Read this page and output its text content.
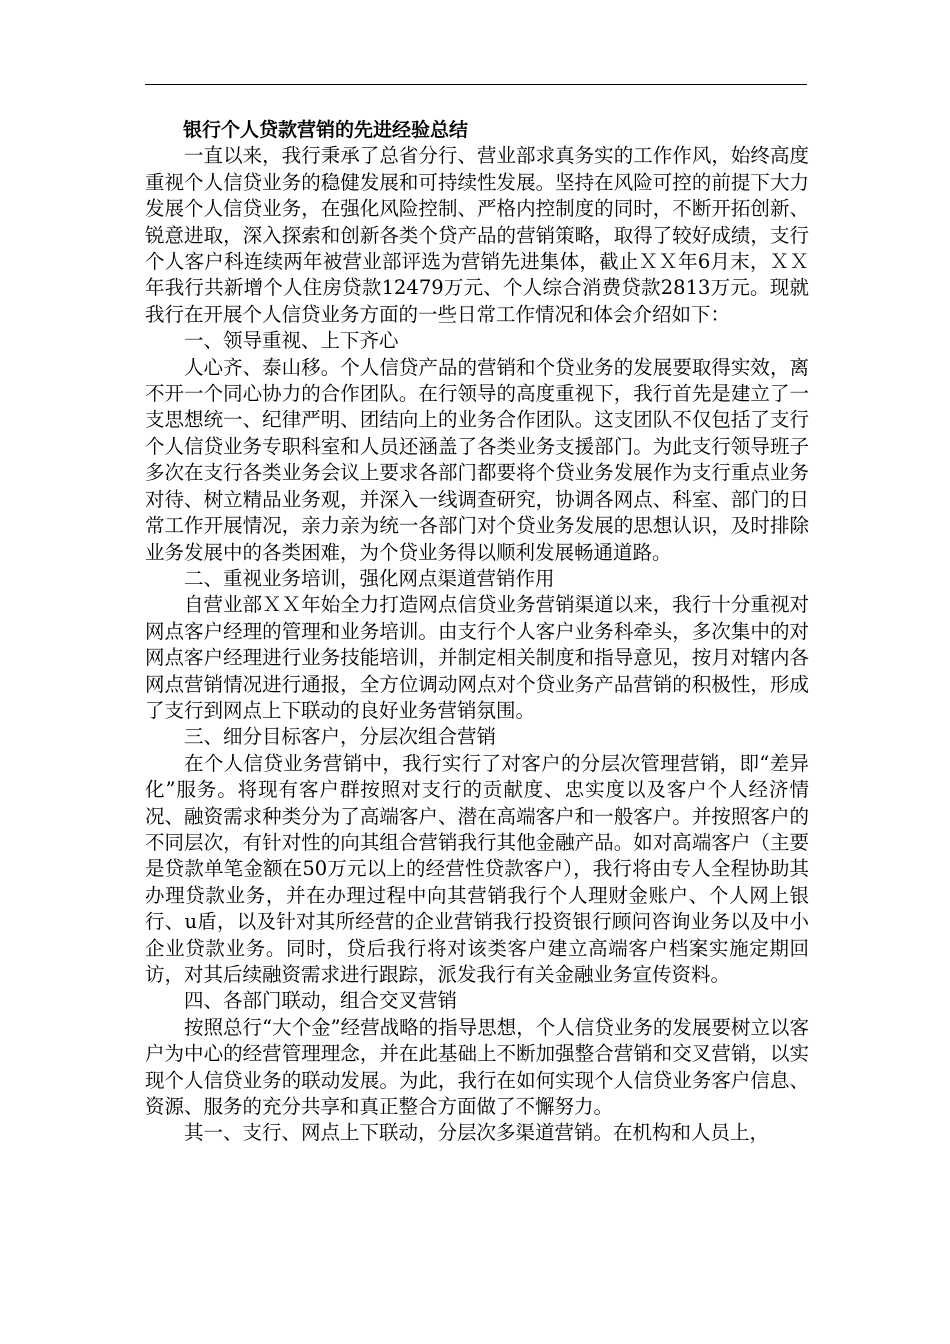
银行个人贷款营销的先进经验总结

一直以来，我行秉承了总省分行、营业部求真务实的工作作风，始终高度重视个人信贷业务的稳健发展和可持续性发展。坚持在风险可控的前提下大力发展个人信贷业务，在强化风险控制、严格内控制度的同时，不断开拓创新、锐意进取，深入探索和创新各类个贷产品的营销策略，取得了较好成绩，支行个人客户科连续两年被营业部评选为营销先进集体，截止ＸＸ年6月末，ＸＸ年我行共新增个人住房贷款12479万元、个人综合消费贷款2813万元。现就我行在开展个人信贷业务方面的一些日常工作情况和体会介绍如下：

一、领导重视、上下齐心

人心齐、泰山移。个人信贷产品的营销和个贷业务的发展要取得实效，离不开一个同心协力的合作团队。在行领导的高度重视下，我行首先是建立了一支思想统一、纪律严明、团结向上的业务合作团队。这支团队不仅包括了支行个人信贷业务专职科室和人员还涵盖了各类业务支援部门。为此支行领导班子多次在支行各类业务会议上要求各部门都要将个贷业务发展作为支行重点业务对待、树立精品业务观，并深入一线调查研究，协调各网点、科室、部门的日常工作开展情况，亲力亲为统一各部门对个贷业务发展的思想认识，及时排除业务发展中的各类困难，为个贷业务得以顺利发展畅通道路。

二、重视业务培训，强化网点渠道营销作用

自营业部ＸＸ年始全力打造网点信贷业务营销渠道以来，我行十分重视对网点客户经理的管理和业务培训。由支行个人客户业务科牵头，多次集中的对网点客户经理进行业务技能培训，并制定相关制度和指导意见，按月对辖内各网点营销情况进行通报，全方位调动网点对个贷业务产品营销的积极性，形成了支行到网点上下联动的良好业务营销氛围。

三、细分目标客户，分层次组合营销

在个人信贷业务营销中，我行实行了对客户的分层次管理营销，即“差异化”服务。将现有客户群按照对支行的贡献度、忠实度以及客户个人经济情况、融资需求种类分为了高端客户、潜在高端客户和一般客户。并按照客户的不同层次，有针对性的向其组合营销我行其他金融产品。如对高端客户（主要是贷款单笔金额在50万元以上的经营性贷款客户），我行将由专人全程协助其办理贷款业务，并在办理过程中向其营销我行个人理财金账户、个人网上银行、u盾，以及针对其所经营的企业营销我行投资银行顾问咨询业务以及中小企业贷款业务。同时，贷后我行将对该类客户建立高端客户档案实施定期回访，对其后续融资需求进行跟踪，派发我行有关金融业务宣传资料。

四、各部门联动，组合交叉营销

按照总行“大个金”经营战略的指导思想，个人信贷业务的发展要树立以客户为中心的经营管理理念，并在此基础上不断加强整合营销和交叉营销，以实现个人信贷业务的联动发展。为此，我行在如何实现个人信贷业务客户信息、资源、服务的充分共享和真正整合方面做了不懈努力。

其一、支行、网点上下联动，分层次多渠道营销。在机构和人员上，
